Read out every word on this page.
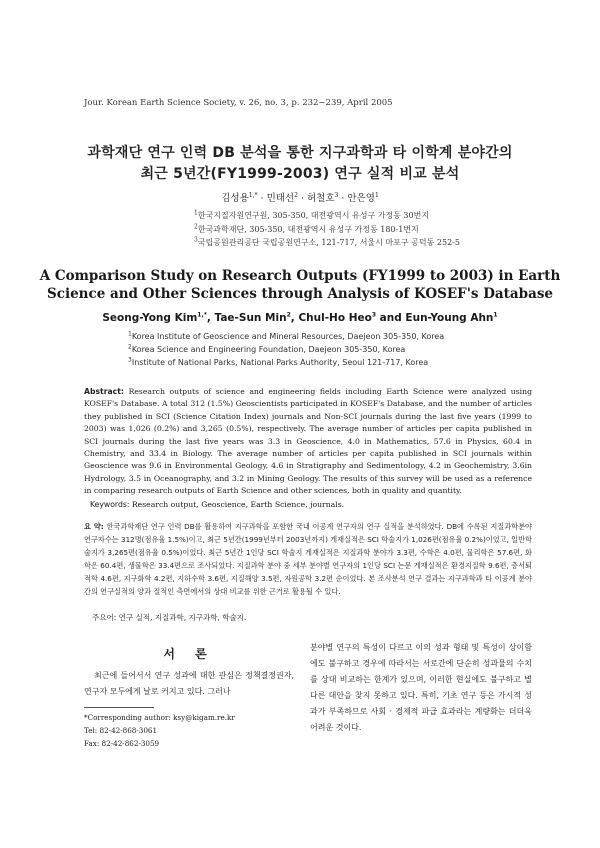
Jour. Korean Earth Science Society, v. 26, no. 3, p. 232−239, April 2005
과학재단 연구 인력 DB 분석을 통한 지구과학과 타 이학계 분야간의
최근 5년간(FY1999-2003) 연구 실적 비교 분석
김성용$^{1,*}$ · 민태선$^2$ · 허철호$^3$ · 안은영$^1$
$^1$한국지질자원연구원, 305-350, 대전광역시 유성구 가정동 30번지
$^2$한국과학재단, 305-350, 대전광역시 유성구 가정동 180-1번지
$^3$국립공원관리공단 국립공원연구소, 121-717, 서울시 마포구 공덕동 252-5
A Comparison Study on Research Outputs (FY1999 to 2003) in Earth
Science and Other Sciences through Analysis of KOSEF's Database
Seong-Yong Kim$^{1,*}$, Tae-Sun Min$^2$, Chul-Ho Heo$^3$ and Eun-Young Ahn$^1$
$^1$Korea Institute of Geoscience and Mineral Resources, Daejeon 305-350, Korea
$^2$Korea Science and Engineering Foundation, Daejeon 305-350, Korea
$^3$Institute of National Parks, National Parks Authority, Seoul 121-717, Korea
Abstract: Research outputs of science and engineering fields including Earth Science were analyzed using KOSEF's Database. A total 312 (1.5%) Geoscientists participated in KOSEF's Database, and the number of articles they published in SCI (Science Citation Index) journals and Non-SCI journals during the last five years (1999 to 2003) was 1,026 (0.2%) and 3,265 (0.5%), respectively. The average number of articles per capita published in SCI journals during the last five years was 3.3 in Geoscience, 4.0 in Mathematics, 57.6 in Physics, 60.4 in Chemistry, and 33.4 in Biology. The average number of articles per capita published in SCI journals within Geoscience was 9.6 in Environmental Geology, 4.6 in Stratigraphy and Sedimentology, 4.2 in Geochemistry, 3.6in Hydrology, 3.5 in Oceanography, and 3.2 in Mining Geology. The results of this survey will be used as a reference in comparing research outputs of Earth Science and other sciences, both in quality and quantity.
Keywords: Research output, Geoscience, Earth Science, journals.
요 약: 한국과학재단 연구 인력 DB를 활용하여 지구과학을 포함한 국내 이공계 연구자의 연구 실적을 분석하였다. DB에 수록된 지질과학분야 연구자수는 312명(점유율 1.5%)이고, 최근 5년간(1999년부터 2003년까지) 게재실적은 SCI 학술지가 1,026편(점유율 0.2%)이었고, 일반학술지가 3,265편(점유율 0.5%)이었다. 최근 5년간 1인당 SCI 학술지 게재실적은 지질과학 분야가 3.3편, 수학은 4.0편, 물리학은 57.6편, 화학은 60.4편, 생물학은 33.4편으로 조사되었다. 지질과학 분야 중 세부 분야별 연구자의 1인당 SCI 논문 게재실적은 환경지질학 9.6편, 층서퇴적학 4.6편, 지구화학 4.2편, 지하수학 3.6편, 지질해양 3.5편, 자원공학 3.2편 순이었다. 본 조사분석 연구 결과는 지구과학과 타 이공계 분야간의 연구실적의 양과 질적인 측면에서의 상대 비교를 위한 근거로 활용될 수 있다.
주요어: 연구 실적, 지질과학, 지구과학, 학술지.
서 론
최근에 들어서서 연구 성과에 대한 관심은 정책결정권자, 연구자 모두에게 날로 커지고 있다. 그러나
*Corresponding author: ksy@kigam.re.kr
Tel: 82-42-868-3061
Fax: 82-42-862-3059
분야별 연구의 특성이 다르고 이의 성과 형태 및 특성이 상이함에도 불구하고 경우에 따라서는 서로간에 단순히 성과물의 수치를 상대 비교하는 한계가 있으며, 이러한 현실에도 불구하고 별다른 대안을 찾지 못하고 있다. 특히, 기초 연구 등은 가시적 성과가 부족하므로 사회 · 경제적 파급 효과라는 계량화는 더더욱 어려운 것이다.
